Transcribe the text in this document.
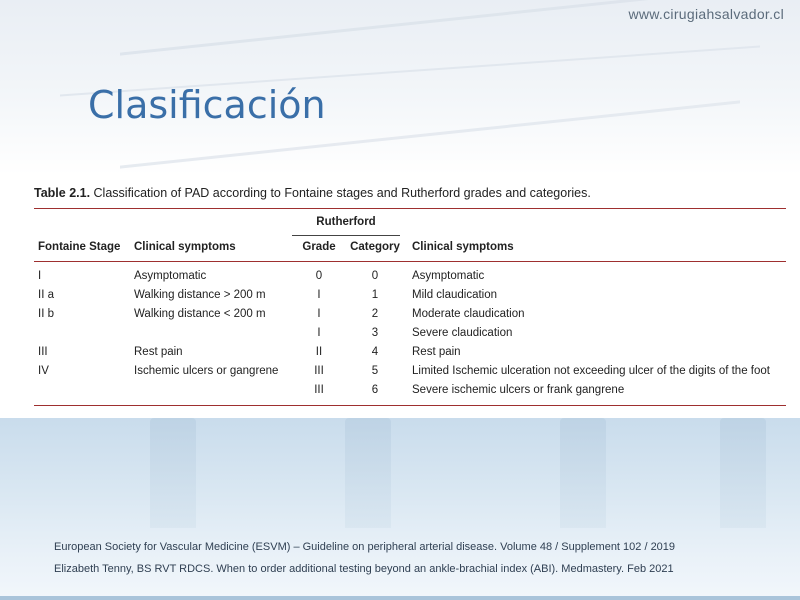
www.cirugiahsalvador.cl
Clasificación

Table 2.1. Classification of PAD according to Fontaine stages and Rutherford grades and categories.

Rutherford
Fontaine Stage	Clinical symptoms	Grade	Category	Clinical symptoms

I	Asymptomatic	0	0	Asymptomatic
II a	Walking distance > 200 m	I	1	Mild claudication
II b	Walking distance < 200 m	I	2	Moderate claudication
		I	3	Severe claudication
III	Rest pain	II	4	Rest pain
IV	Ischemic ulcers or gangrene	III	5	Limited Ischemic ulceration not exceeding ulcer of the digits of the foot
		III	6	Severe ischemic ulcers or frank gangrene
European Society for Vascular Medicine (ESVM) – Guideline on peripheral arterial disease. Volume 48 / Supplement 102 / 2019
Elizabeth Tenny, BS RVT RDCS. When to order additional testing beyond an ankle-brachial index (ABI). Medmastery. Feb 2021
